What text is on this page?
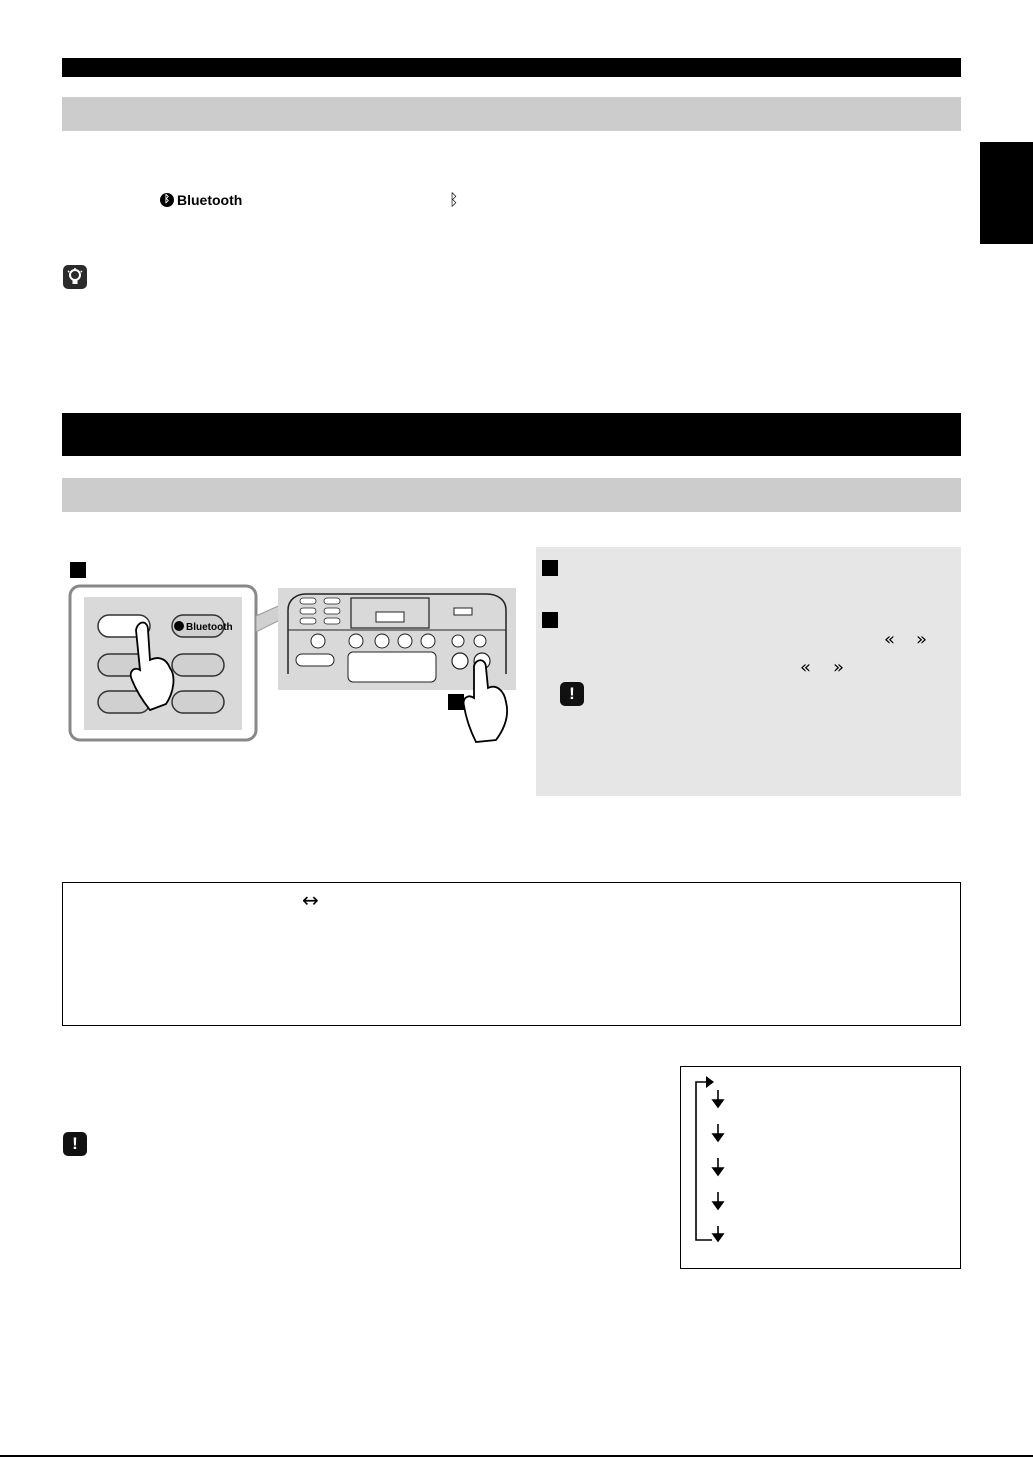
ᛒ Bluetooth	ᛒ
Bluetooth
« »
« »
!
↔
!
